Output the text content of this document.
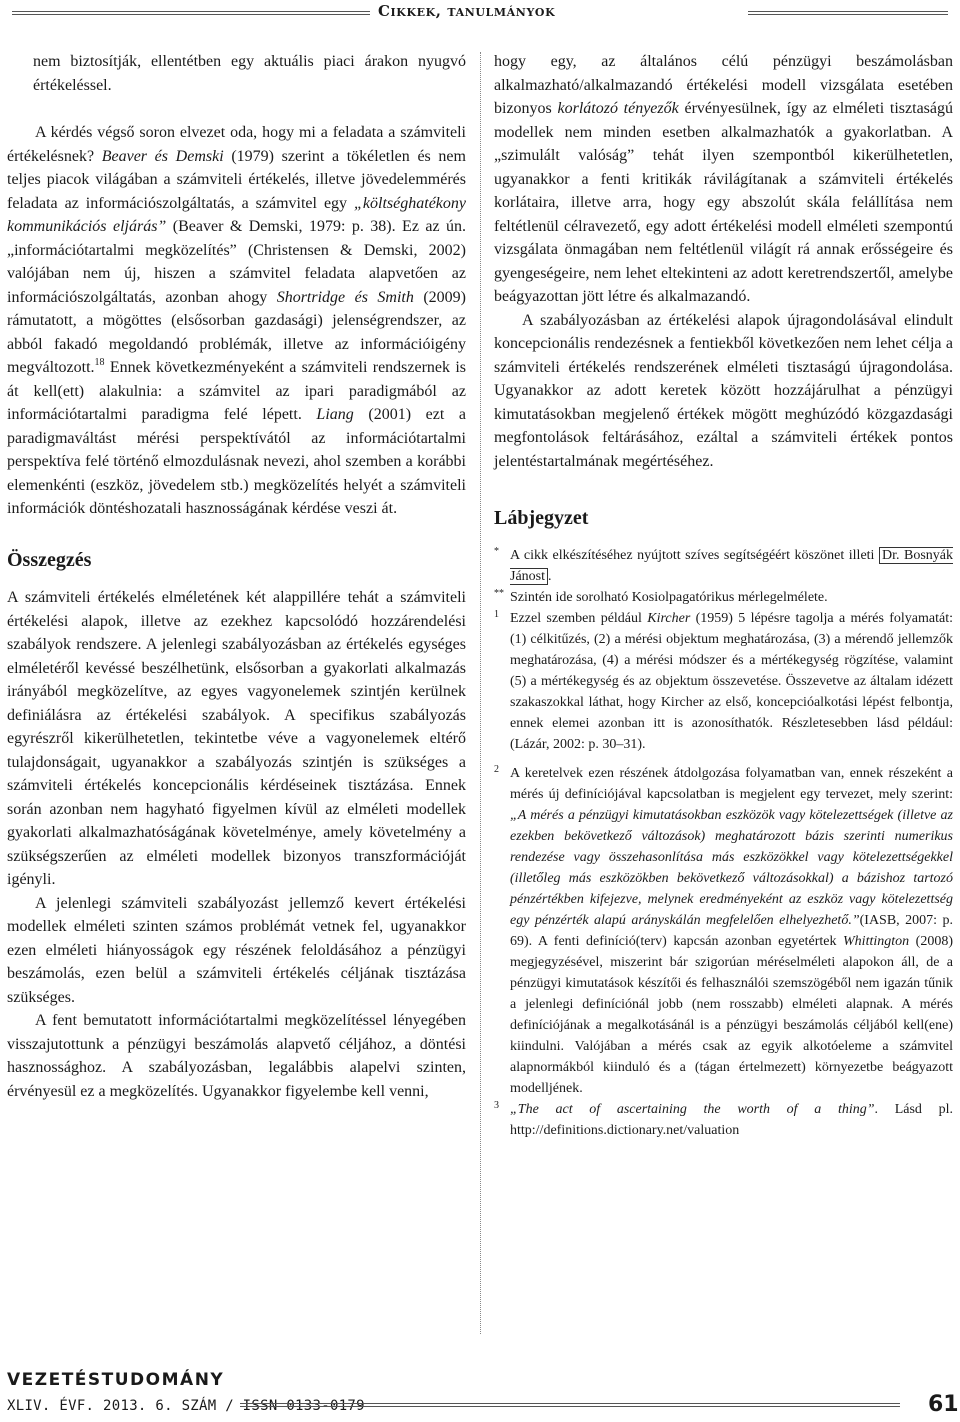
Cikkek, tanulmányok

nem biztosítják, ellentétben egy aktuális piaci árakon nyugvó értékeléssel.

A kérdés végső soron elvezet oda, hogy mi a feladata a számviteli értékelésnek? Beaver és Demski (1979) szerint a tökéletlen és nem teljes piacok világában a számviteli értékelés, illetve jövedelemmérés feladata az információszolgáltatás, a számvitel egy „költséghatékony kommunikációs eljárás” (Beaver & Demski, 1979: p. 38). Ez az ún. „információtartalmi megközelítés” (Christensen & Demski, 2002) valójában nem új, hiszen a számvitel feladata alapvetően az információszolgáltatás, azonban ahogy Shortridge és Smith (2009) rámutatott, a mögöttes (elsősorban gazdasági) jelenségrendszer, az abból fakadó megoldandó problémák, illetve az információigény megváltozott.$^{18}$ Ennek következményeként a számviteli rendszernek is át kell(ett) alakulnia: a számvitel az ipari paradigmából az információtartalmi paradigma felé lépett. Liang (2001) ezt a paradigmaváltást mérési perspektívától az információtartalmi perspektíva felé történő elmozdulásnak nevezi, ahol szemben a korábbi elemenkénti (eszköz, jövedelem stb.) megközelítés helyét a számviteli információk döntéshozatali hasznosságának kérdése veszi át.

Összegzés

A számviteli értékelés elméletének két alappillére tehát a számviteli értékelési alapok, illetve az ezekhez kapcsolódó hozzárendelési szabályok rendszere. A jelenlegi szabályozásban az értékelés egységes elméletéről kevéssé beszélhetünk, elsősorban a gyakorlati alkalmazás irányából megközelítve, az egyes vagyonelemek szintjén kerülnek definiálásra az értékelési szabályok. A specifikus szabályozás egyrészről kikerülhetetlen, tekintetbe véve a vagyonelemek eltérő tulajdonságait, ugyanakkor a szabályozás szintjén is szükséges a számviteli értékelés koncepcionális kérdéseinek tisztázása. Ennek során azonban nem hagyható figyelmen kívül az elméleti modellek gyakorlati alkalmazhatóságának követelménye, amely követelmény a szükségszerűen az elméleti modellek bizonyos transzformációját igényli.

A jelenlegi számviteli szabályozást jellemző kevert értékelési modellek elméleti szinten számos problémát vetnek fel, ugyanakkor ezen elméleti hiányosságok egy részének feloldásához a pénzügyi beszámolás, ezen belül a számviteli értékelés céljának tisztázása szükséges.

A fent bemutatott információtartalmi megközelítéssel lényegében visszajutottunk a pénzügyi beszámolás alapvető céljához, a döntési hasznossághoz. A szabályozásban, legalábbis alapelvi szinten, érvényesül ez a megközelítés. Ugyanakkor figyelembe kell venni,

hogy egy, az általános célú pénzügyi beszámolásban alkalmazható/alkalmazandó értékelési modell vizsgálata esetében bizonyos korlátozó tényezők érvényesülnek, így az elméleti tisztaságú modellek nem minden esetben alkalmazhatók a gyakorlatban. A „szimulált valóság” tehát ilyen szempontból kikerülhetetlen, ugyanakkor a fenti kritikák rávilágítanak a számviteli értékelés korlátaira, illetve arra, hogy egy abszolút skála felállítása nem feltétlenül célravezető, egy adott értékelési modell elméleti szempontú vizsgálata önmagában nem feltétlenül világít rá annak erősségeire és gyengeségeire, nem lehet eltekinteni az adott keretrendszertől, amelybe beágyazottan jött létre és alkalmazandó.

A szabályozásban az értékelési alapok újragondolásával elindult koncepcionális rendezésnek a fentiekből következően nem lehet célja a számviteli értékelés rendszerének elméleti tisztaságú újragondolása. Ugyanakkor az adott keretek között hozzájárulhat a pénzügyi kimutatásokban megjelenő értékek mögött meghúzódó közgazdasági megfontolások feltárásához, ezáltal a számviteli értékek pontos jelentéstartalmának megértéséhez.

Lábjegyzet
* A cikk elkészítéséhez nyújtott szíves segítségéért köszönet illeti Dr. Bosnyák Jánost .
** Szintén ide sorolható Kosiolpagatórikus mérlegelmélete.
1 Ezzel szemben például Kircher (1959) 5 lépésre tagolja a mérés folyamatát: (1) célkitűzés, (2) a mérési objektum meghatározása, (3) a mérendő jellemzők meghatározása, (4) a mérési módszer és a mértékegység rögzítése, valamint (5) a mértékegység és az objektum összevetése. Összevetve az általam idézett szakaszokkal láthat, hogy Kircher az első, koncepcióalkotási lépést felbontja, ennek elemei azonban itt is azonosíthatók. Részletesebben lásd például: (Lázár, 2002: p. 30–31).
2 A keretelvek ezen részének átdolgozása folyamatban van, ennek részeként a mérés új definíciójával kapcsolatban is megjelent egy tervezet, mely szerint: „A mérés a pénzügyi kimutatásokban eszközök vagy kötelezettségek (illetve az ezekben bekövetkező változások) meghatározott bázis szerinti numerikus rendezése vagy összehasonlítása más eszközökkel vagy kötelezettségekkel (illetőleg más eszközökben bekövetkező változásokkal) a bázishoz tartozó pénzértékben kifejezve, melynek eredményeként az eszköz vagy kötelezettség egy pénzérték alapú arányskálán megfelelően elhelyezhető.”(IASB, 2007: p. 69). A fenti definíció(terv) kapcsán azonban egyetértek Whittington (2008) megjegyzésével, miszerint bár szigorúan méréselméleti alapokon áll, de a pénzügyi kimutatások készítői és felhasználói szemszögéből nem igazán tűnik a jelenlegi definíciónál jobb (nem rosszabb) elméleti alapnak. A mérés definíciójának a megalkotásánál is a pénzügyi beszámolás céljából kell(ene) kiindulni. Valójában a mérés csak az egyik alkotóeleme a számvitel alapnormákból kiinduló és a (tágan értelmezett) környezetbe beágyazott modelljének.
3 „The act of ascertaining the worth of a thing”. Lásd pl. http://definitions.dictionary.net/valuation
VEZETÉSTUDOMÁNY
XLIV. ÉVF. 2013. 6. SZÁM / ISSN 0133-0179	61
